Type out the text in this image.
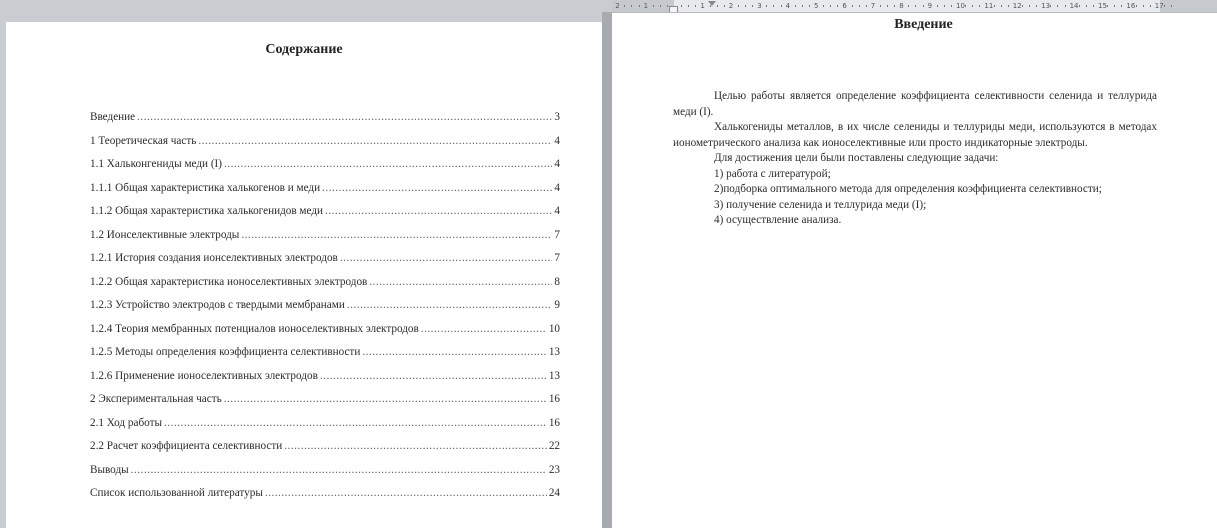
2	1	1	2	3	4	5	6	7	8	9	10	11	12	13	14	15	16	17
Содержание
Введение .....	3
1 Теоретическая часть .....	4
1.1 Хальконгениды меди (I) .....	4
1.1.1 Общая характеристика халькогенов и меди .....	4
1.1.2 Общая характеристика халькогенидов меди .....	4
1.2 Ионселективные электроды .....	7
1.2.1 История создания ионселективных электродов .....	7
1.2.2 Общая характеристика ионоселективных электродов .....	8
1.2.3 Устройство электродов с твердыми мембранами .....	9
1.2.4 Теория мембранных потенциалов ионоселективных электродов .....	10
1.2.5 Методы определения коэффициента селективности .....	13
1.2.6 Применение ионоселективных электродов .....	13
2 Экспериментальная часть .....	16
2.1 Ход работы .....	16
2.2 Расчет коэффициента селективности .....	22
Выводы .....	23
Список использованной литературы .....	24
Введение

Целью работы является определение коэффициента селективности селенида и теллурида меди (I).

Халькогениды металлов, в их числе селениды и теллуриды меди, используются в методах ионометрического анализа как ионоселективные или просто индикаторные электроды.

Для достижения цели были поставлены следующие задачи:

1) работа с литературой;

2)подборка оптимального метода для определения коэффициента селективности;

3) получение селенида и теллурида меди (I);

4) осуществление анализа.
